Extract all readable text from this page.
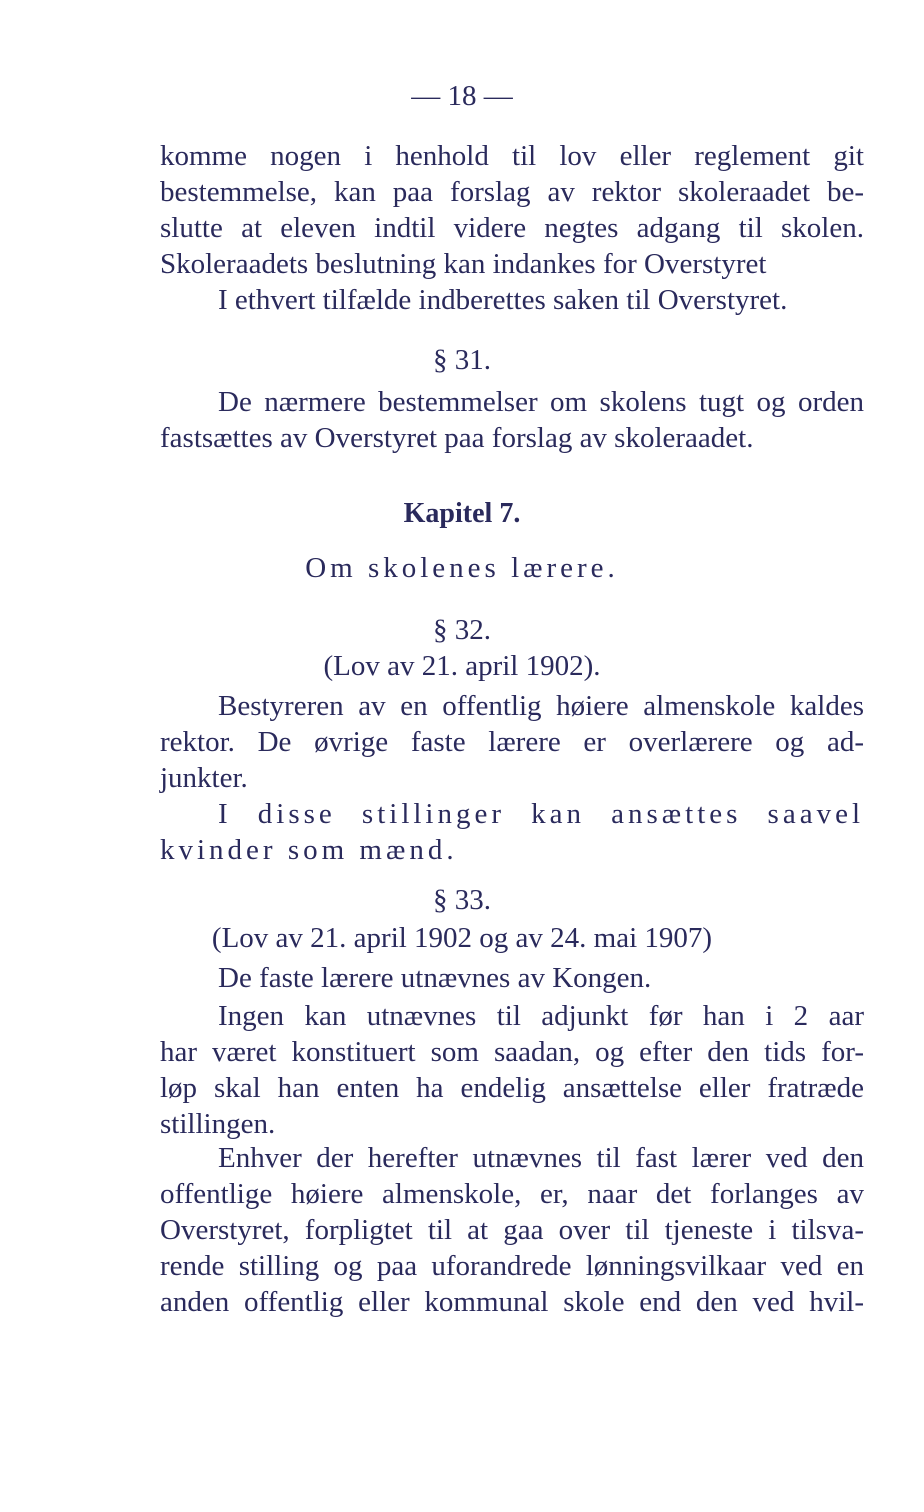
— 18 —
komme nogen i henhold til lov eller reglement git
bestemmelse, kan paa forslag av rektor skoleraadet be-
slutte at eleven indtil videre negtes adgang til skolen.
Skoleraadets beslutning kan indankes for Overstyret
I ethvert tilfælde indberettes saken til Overstyret.
§ 31.
De nærmere bestemmelser om skolens tugt og orden
fastsættes av Overstyret paa forslag av skoleraadet.
Kapitel 7.
Om skolenes lærere.
§ 32.
(Lov av 21. april 1902).
Bestyreren av en offentlig høiere almenskole kaldes
rektor. De øvrige faste lærere er overlærere og ad-
junkter.
I disse stillinger kan ansættes saavel
kvinder som mænd.
§ 33.
(Lov av 21. april 1902 og av 24. mai 1907)
De faste lærere utnævnes av Kongen.
Ingen kan utnævnes til adjunkt før han i 2 aar
har været konstituert som saadan, og efter den tids for-
løp skal han enten ha endelig ansættelse eller fratræde
stillingen.
Enhver der herefter utnævnes til fast lærer ved den
offentlige høiere almenskole, er, naar det forlanges av
Overstyret, forpligtet til at gaa over til tjeneste i tilsva-
rende stilling og paa uforandrede lønningsvilkaar ved en
anden offentlig eller kommunal skole end den ved hvil-
